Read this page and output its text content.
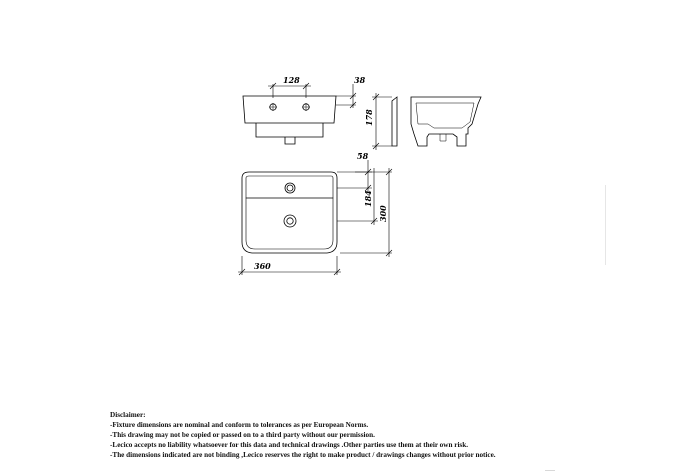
128	38
178
58
184
300
360
Disclaimer:
-Fixture dimensions are nominal and conform to tolerances as per European Norms.
-This drawing may not be copied or passed on to a third party without our permission.
-Lecico accepts no liability whatsoever for this data and technical drawings .Other parties use them at their own risk.
-The dimensions indicated are not binding ,Lecico reserves the right to make product / drawings changes without prior notice.
